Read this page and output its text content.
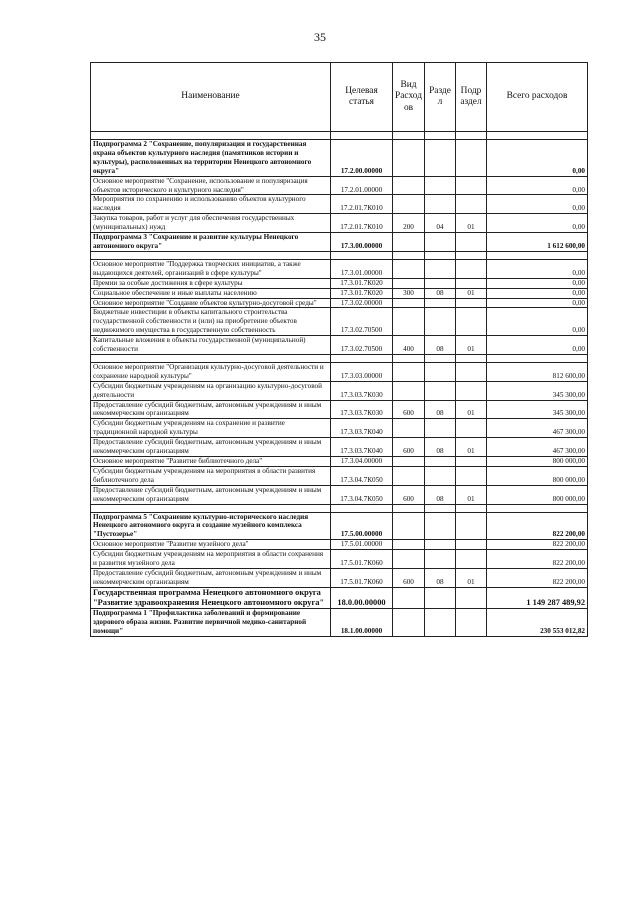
35
Наименование	Целевая статья	Вид Расход ов	Разде л	Подр аздел	Всего расходов

Подпрограмма 2 "Сохранение, популяризация и государственная охрана объектов культурного наследия (памятников истории и культуры), расположенных на территории Ненецкого автономного округа"	17.2.00.00000				0,00
Основное мероприятие "Сохранение, использование и популяризация объектов исторического и культурного наследия"	17.2.01.00000				0,00
Мероприятия по сохранению и использованию объектов культурного наследия	17.2.01.7К010				0,00
Закупка товаров, работ и услуг для обеспечения государственных (муниципальных) нужд	17.2.01.7К010	200	04	01	0,00
Подпрограмма 3 "Сохранение и развитие культуры Ненецкого автономного округа"	17.3.00.00000				1 612 600,00

Основное мероприятие "Поддержка творческих инициатив, а также выдающихся деятелей, организаций в сфере культуры"	17.3.01.00000				0,00
Премии за особые достижения в сфере культуры	17.3.01.7К020				0,00
Социальное обеспечение и иные выплаты населению	17.3.01.7К020	300	08	01	0,00
Основное мероприятие "Создание объектов культурно-досуговой среды"	17.3.02.00000				0,00
Бюджетные инвестиции в объекты капитального строительства государственной собственности и (или) на приобретение объектов недвижимого имущества в государственную собственность	17.3.02.70500				0,00
Капитальные вложения в объекты государственной (муниципальной) собственности	17.3.02.70500	400	08	01	0,00

Основное мероприятие "Организация культурно-досуговой деятельности и сохранение народной культуры"	17.3.03.00000				812 600,00
Субсидии бюджетным учреждениям на организацию культурно-досуговой деятельности	17.3.03.7К030				345 300,00
Предоставление субсидий бюджетным, автономным учреждениям и иным некоммерческим организациям	17.3.03.7К030	600	08	01	345 300,00
Субсидии бюджетным учреждениям на сохранение и развитие традиционной народной культуры	17.3.03.7К040				467 300,00
Предоставление субсидий бюджетным, автономным учреждениям и иным некоммерческим организациям	17.3.03.7К040	600	08	01	467 300,00
Основное мероприятие "Развитие библиотечного дела"	17.3.04.00000				800 000,00
Субсидии бюджетным учреждениям на мероприятия в области развития библиотечного дела	17.3.04.7К050				800 000,00
Предоставление субсидий бюджетным, автономным учреждениям и иным некоммерческим организациям	17.3.04.7К050	600	08	01	800 000,00

Подпрограмма 5 "Сохранение культурно-исторического наследия Ненецкого автономного округа и создание музейного комплекса "Пустозерье"	17.5.00.00000				822 200,00
Основное мероприятие "Развитие музейного дела"	17.5.01.00000				822 200,00
Субсидии бюджетным учреждениям на мероприятия в области сохранения и развития музейного дела	17.5.01.7К060				822 200,00
Предоставление субсидий бюджетным, автономным учреждениям и иным некоммерческим организациям	17.5.01.7К060	600	08	01	822 200,00
Государственная программа Ненецкого автономного округа "Развитие здравоохранения Ненецкого автономного округа"	18.0.00.00000				1 149 287 489,92
Подпрограмма 1 "Профилактика заболеваний и формирование здорового образа жизни. Развитие первичной медико-санитарной помощи"	18.1.00.00000				230 553 012,82
